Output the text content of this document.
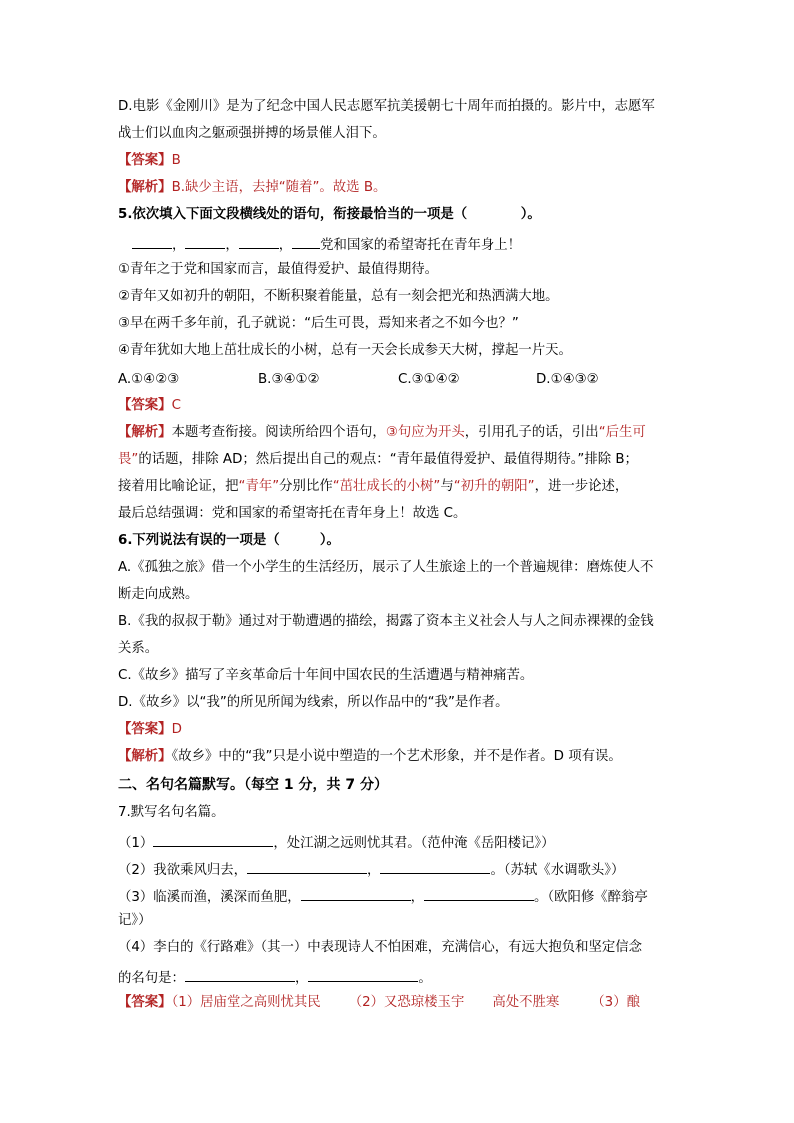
D.电影《金刚川》是为了纪念中国人民志愿军抗美援朝七十周年而拍摄的。影片中，志愿军
战士们以血肉之躯顽强拼搏的场景催人泪下。
【答案】B
【解析】B.缺少主语，去掉“随着”。故选 B。
5.依次填入下面文段横线处的语句，衔接最恰当的一项是（　　　　）。
，	，	， 党和国家的希望寄托在青年身上！
①青年之于党和国家而言，最值得爱护、最值得期待。
②青年又如初升的朝阳，不断积聚着能量，总有一刻会把光和热洒满大地。
③早在两千多年前，孔子就说：“后生可畏，焉知来者之不如今也？”
④青年犹如大地上茁壮成长的小树，总有一天会长成参天大树，撑起一片天。
A.①④②③	B.③④①②	C.③①④②	D.①④③②
【答案】C
【解析】本题考查衔接。阅读所给四个语句，③句应为开头，引用孔子的话，引出“后生可
畏”的话题，排除 AD；然后提出自己的观点：“青年最值得爱护、最值得期待。”排除 B；
接着用比喻论证，把“青年”分别比作“茁壮成长的小树”与“初升的朝阳”，进一步论述，
最后总结强调：党和国家的希望寄托在青年身上！故选 C。
6.下列说法有误的一项是（　　　）。
A.《孤独之旅》借一个小学生的生活经历，展示了人生旅途上的一个普遍规律：磨炼使人不
断走向成熟。
B.《我的叔叔于勒》通过对于勒遭遇的描绘，揭露了资本主义社会人与人之间赤裸裸的金钱
关系。
C.《故乡》描写了辛亥革命后十年间中国农民的生活遭遇与精神痛苦。
D.《故乡》以“我”的所见所闻为线索，所以作品中的“我”是作者。
【答案】D
【解析】《故乡》中的“我”只是小说中塑造的一个艺术形象，并不是作者。D 项有误。
二、名句名篇默写。（每空 1 分，共 7 分）
7.默写名句名篇。
（1）	，处江湖之远则忧其君。（范仲淹《岳阳楼记》）
（2）我欲乘风归去，	，	。（苏轼《水调歌头》）
（3）临溪而渔，溪深而鱼肥，	，	。（欧阳修《醉翁亭
记》）
（4）李白的《行路难》（其一）中表现诗人不怕困难，充满信心，有远大抱负和坚定信念
的名句是：	，	。
【答案】（1）居庙堂之高则忧其民 （2）又恐琼楼玉宇 高处不胜寒 （3）酿
